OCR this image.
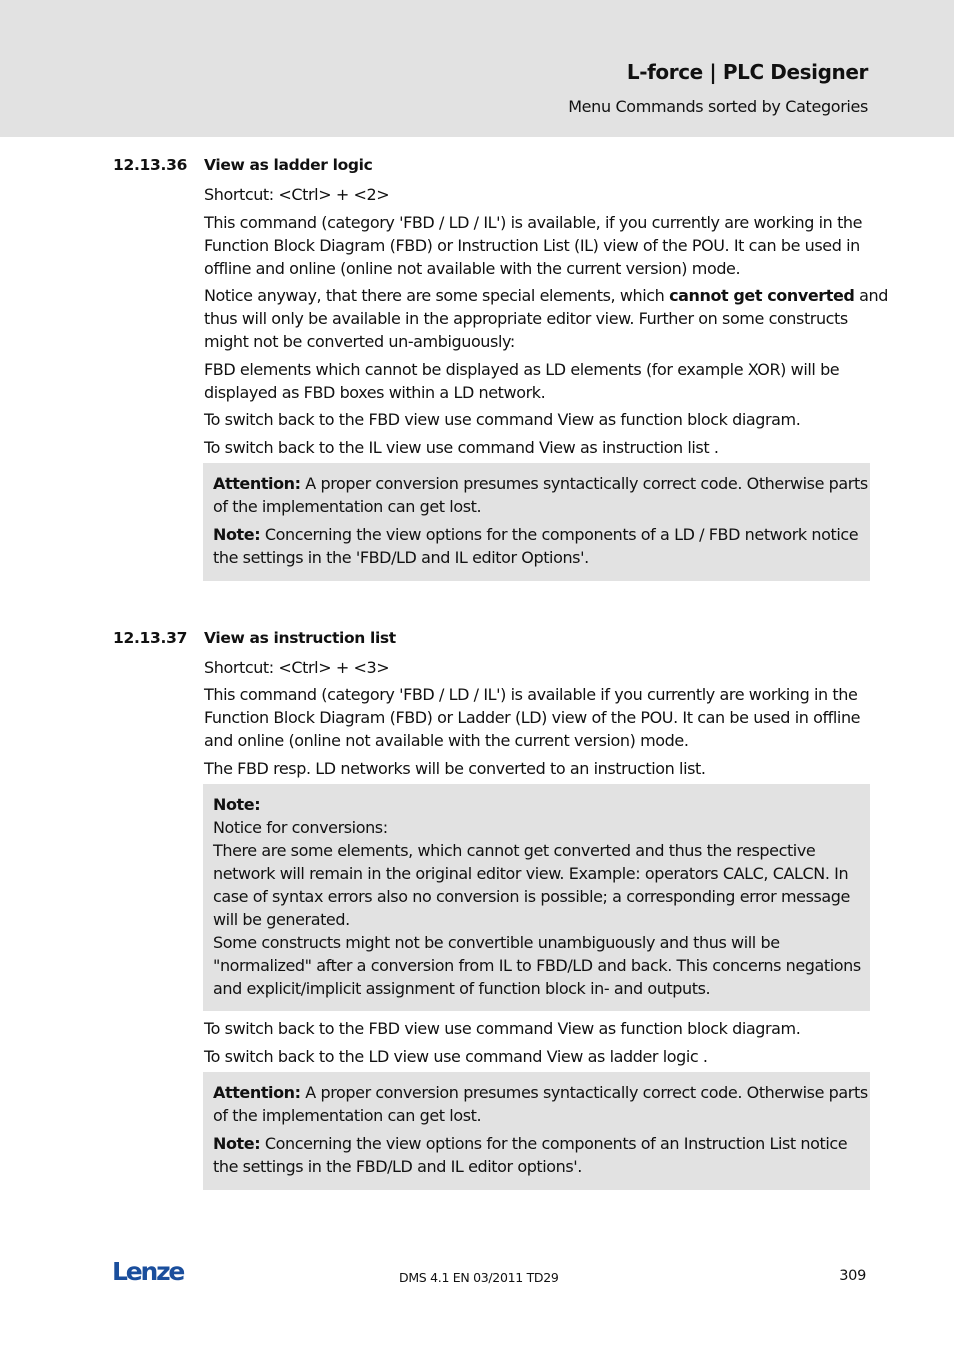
L-force | PLC Designer
Menu Commands sorted by Categories
12.13.36 View as ladder logic
Shortcut: <Ctrl> + <2>
This command (category 'FBD / LD / IL') is available, if you currently are working in the
Function Block Diagram (FBD) or Instruction List (IL) view of the POU. It can be used in
offline and online (online not available with the current version) mode.
Notice anyway, that there are some special elements, which cannot get converted and
thus will only be available in the appropriate editor view. Further on some constructs
might not be converted un-ambiguously:
FBD elements which cannot be displayed as LD elements (for example XOR) will be
displayed as FBD boxes within a LD network.
To switch back to the FBD view use command View as function block diagram.
To switch back to the IL view use command View as instruction list .
Attention: A proper conversion presumes syntactically correct code. Otherwise parts
of the implementation can get lost.
Note: Concerning the view options for the components of a LD / FBD network notice
the settings in the 'FBD/LD and IL editor Options'.
12.13.37 View as instruction list
Shortcut: <Ctrl> + <3>
This command (category 'FBD / LD / IL') is available if you currently are working in the
Function Block Diagram (FBD) or Ladder (LD) view of the POU. It can be used in offline
and online (online not available with the current version) mode.
The FBD resp. LD networks will be converted to an instruction list.
Note:
Notice for conversions:
There are some elements, which cannot get converted and thus the respective
network will remain in the original editor view. Example: operators CALC, CALCN. In
case of syntax errors also no conversion is possible; a corresponding error message
will be generated.
Some constructs might not be convertible unambiguously and thus will be
"normalized" after a conversion from IL to FBD/LD and back. This concerns negations
and explicit/implicit assignment of function block in- and outputs.
To switch back to the FBD view use command View as function block diagram.
To switch back to the LD view use command View as ladder logic .
Attention: A proper conversion presumes syntactically correct code. Otherwise parts
of the implementation can get lost.
Note: Concerning the view options for the components of an Instruction List notice
the settings in the FBD/LD and IL editor options'.
Lenze	DMS 4.1 EN 03/2011 TD29	309
